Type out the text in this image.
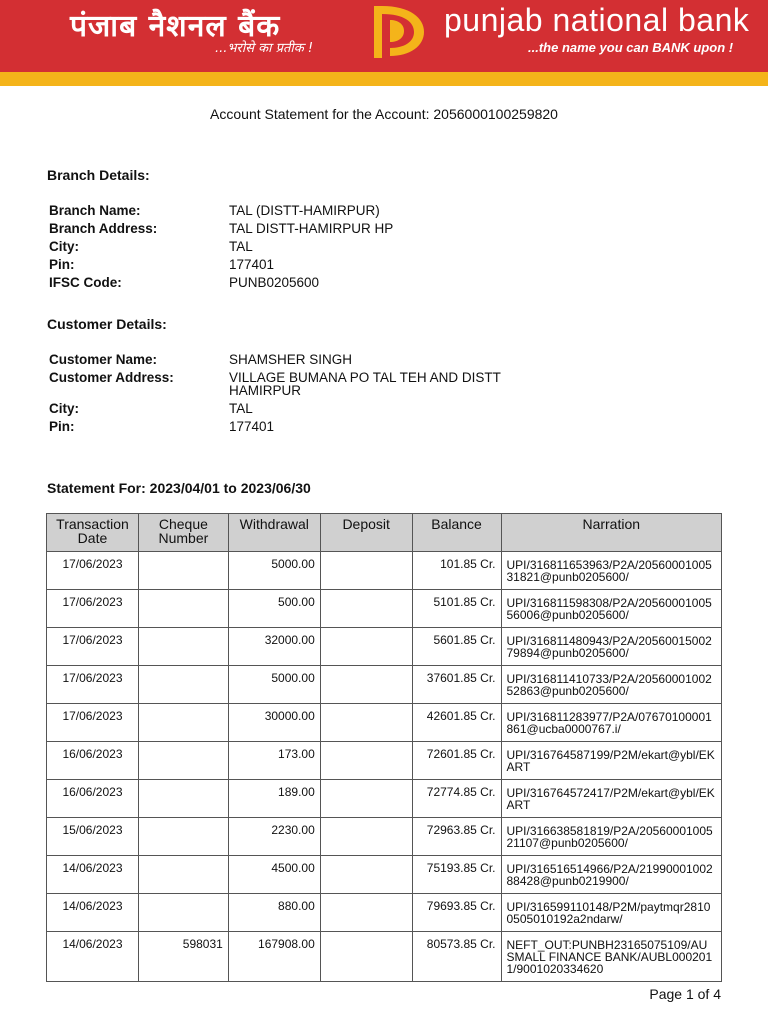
पंजाब नैशनल बैंक
...भरोसे का प्रतीक !
punjab national bank
...the name you can BANK upon !
Account Statement for the Account: 2056000100259820
Branch Details:
Branch Name:	TAL (DISTT-HAMIRPUR)
Branch Address:	TAL DISTT-HAMIRPUR HP
City:	TAL
Pin:	177401
IFSC Code:	PUNB0205600
Customer Details:
Customer Name:	SHAMSHER SINGH
Customer Address:	VILLAGE BUMANA PO TAL TEH AND DISTT HAMIRPUR
City:	TAL
Pin:	177401
Statement For: 2023/04/01 to 2023/06/30
Transaction Date	Cheque Number	Withdrawal	Deposit	Balance	Narration
17/06/2023		5000.00		101.85 Cr.	UPI/316811653963/P2A/2056000100531821@punb0205600/
17/06/2023		500.00		5101.85 Cr.	UPI/316811598308/P2A/2056000100556006@punb0205600/
17/06/2023		32000.00		5601.85 Cr.	UPI/316811480943/P2A/2056001500279894@punb0205600/
17/06/2023		5000.00		37601.85 Cr.	UPI/316811410733/P2A/2056000100252863@punb0205600/
17/06/2023		30000.00		42601.85 Cr.	UPI/316811283977/P2A/07670100001861@ucba0000767.i/
16/06/2023		173.00		72601.85 Cr.	UPI/316764587199/P2M/ekart@ybl/EKART
16/06/2023		189.00		72774.85 Cr.	UPI/316764572417/P2M/ekart@ybl/EKART
15/06/2023		2230.00		72963.85 Cr.	UPI/316638581819/P2A/2056000100521107@punb0205600/
14/06/2023		4500.00		75193.85 Cr.	UPI/316516514966/P2A/2199000100288428@punb0219900/
14/06/2023		880.00		79693.85 Cr.	UPI/316599110148/P2M/paytmqr28100505010192a2ndarw/
14/06/2023	598031	167908.00		80573.85 Cr.	NEFT_OUT:PUNBH23165075109/AU SMALL FINANCE BANK/AUBL0002011/9001020334620
Page 1 of 4
